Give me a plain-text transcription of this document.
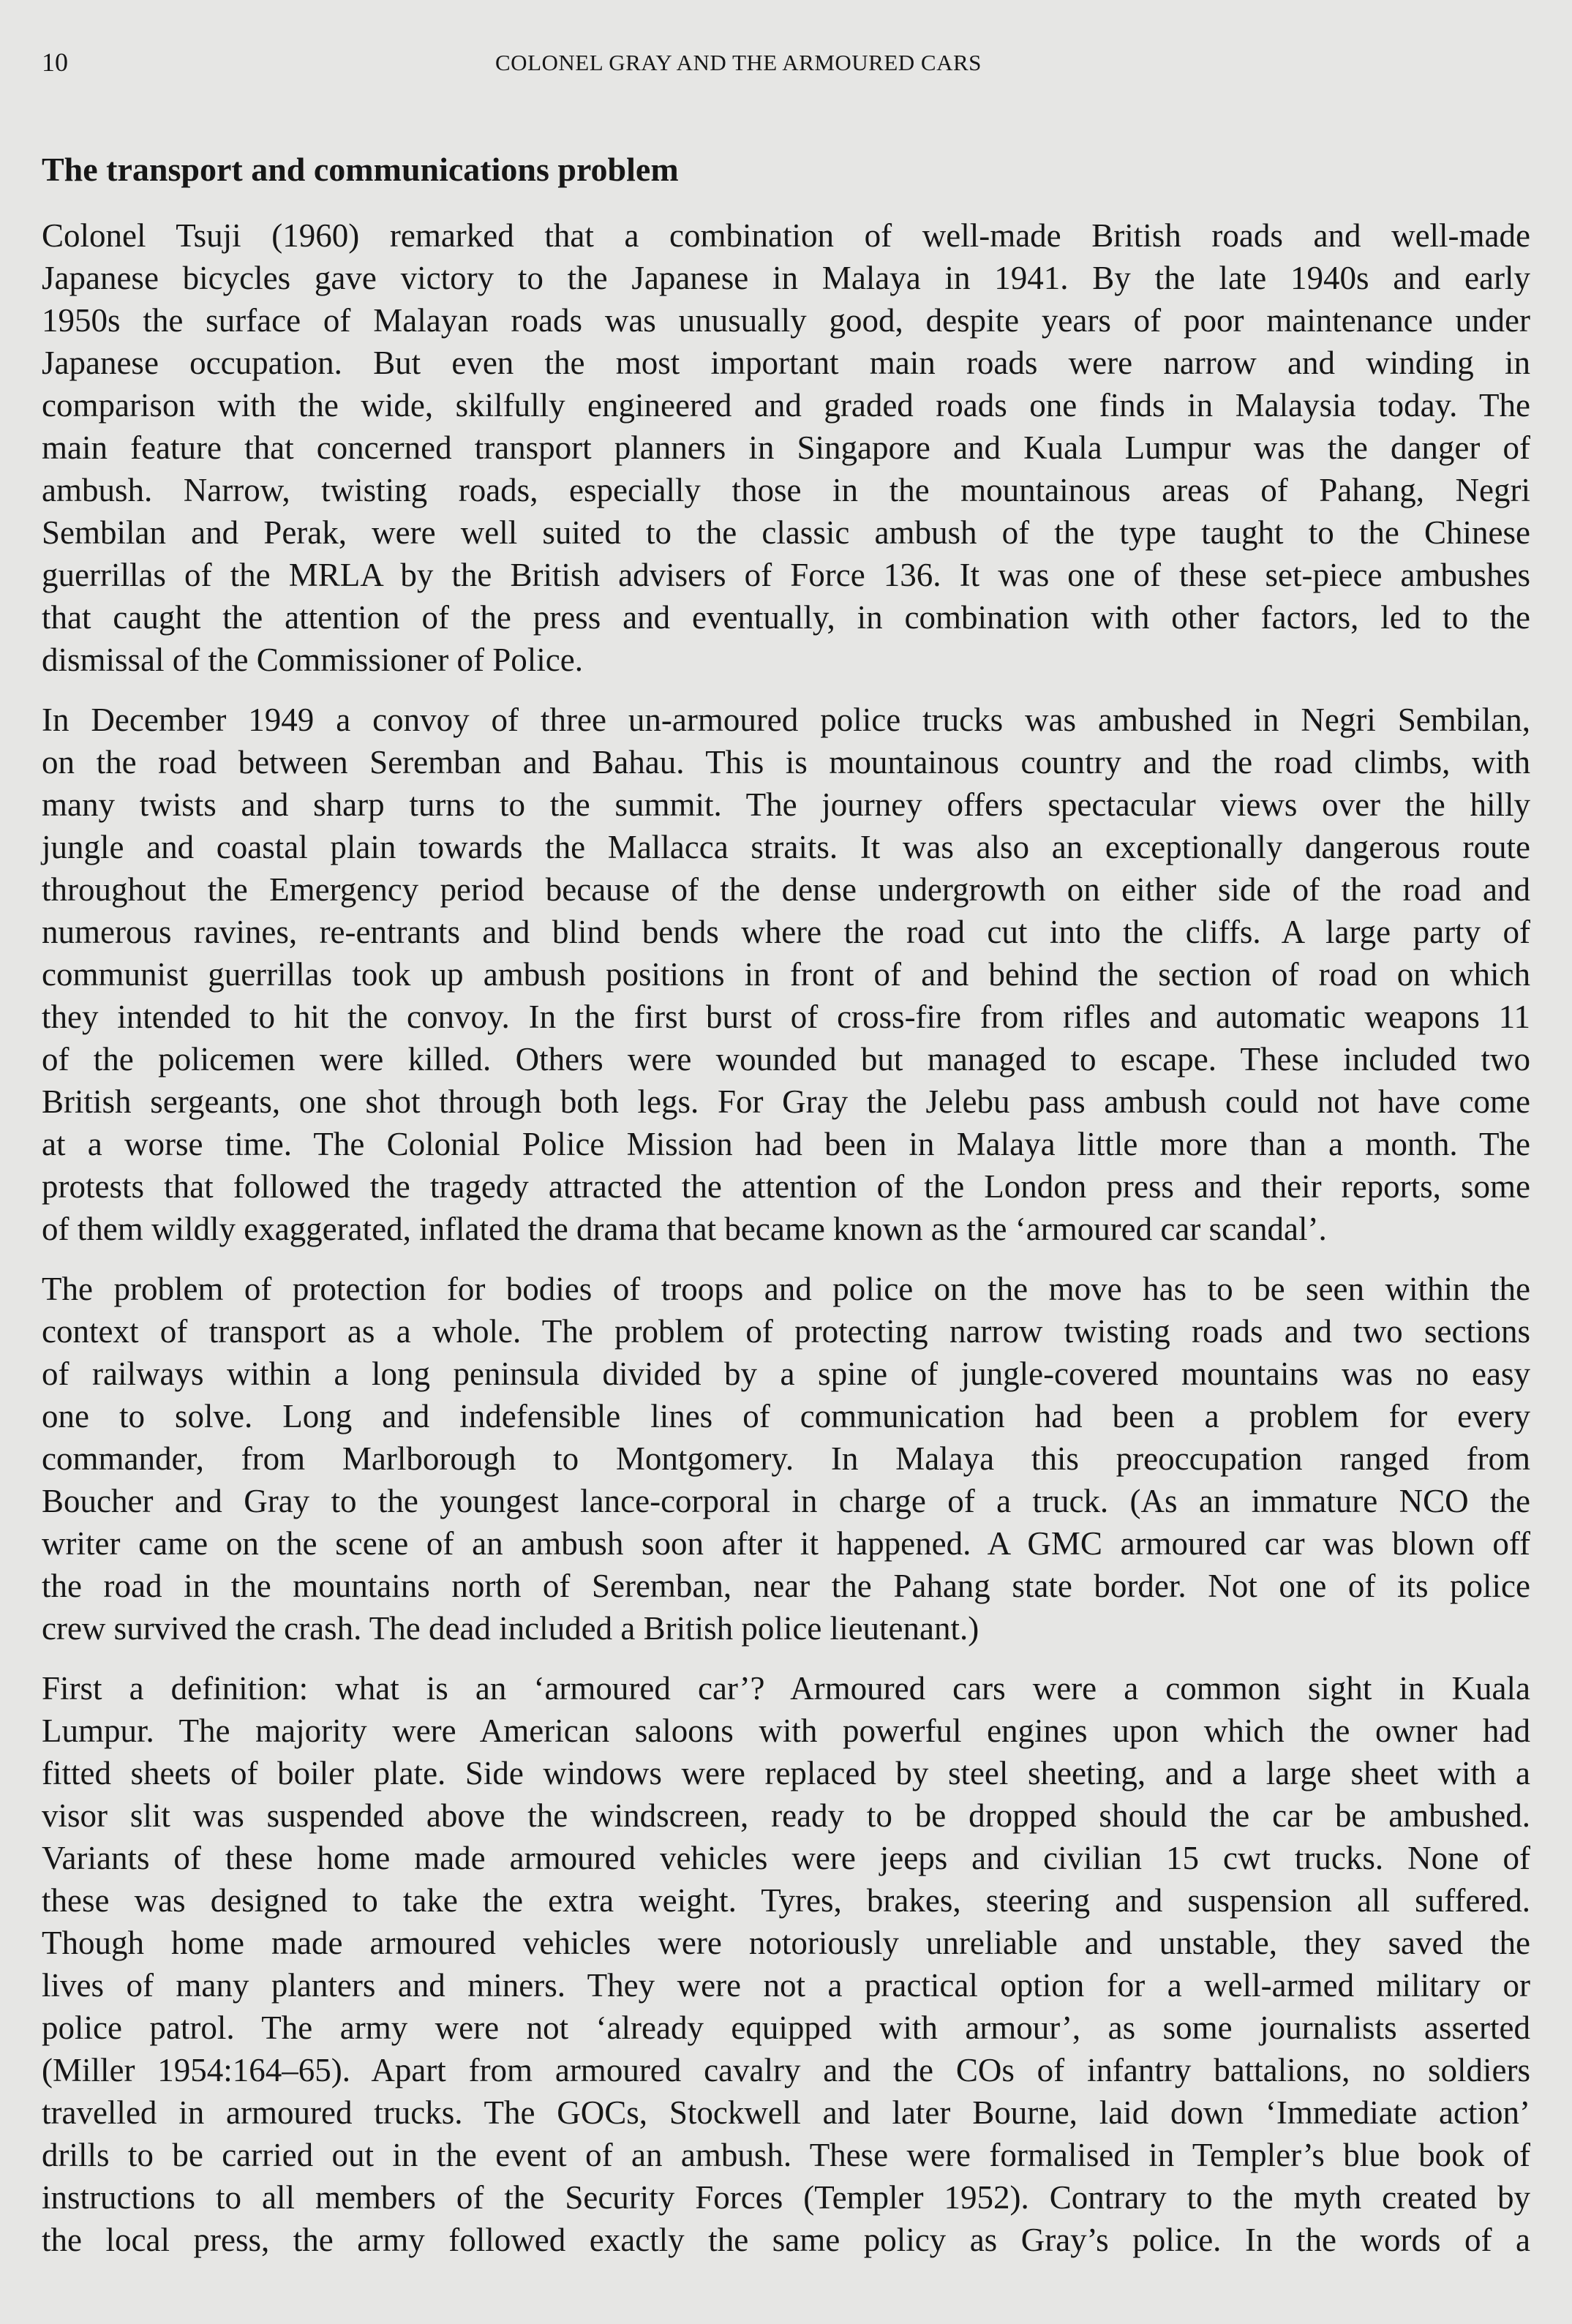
10	COLONEL GRAY AND THE ARMOURED CARS
The transport and communications problem
Colonel Tsuji (1960) remarked that a combination of well-made British roads and well-made
Japanese bicycles gave victory to the Japanese in Malaya in 1941. By the late 1940s and early
1950s the surface of Malayan roads was unusually good, despite years of poor maintenance under
Japanese occupation. But even the most important main roads were narrow and winding in
comparison with the wide, skilfully engineered and graded roads one finds in Malaysia today. The
main feature that concerned transport planners in Singapore and Kuala Lumpur was the danger of
ambush. Narrow, twisting roads, especially those in the mountainous areas of Pahang, Negri
Sembilan and Perak, were well suited to the classic ambush of the type taught to the Chinese
guerrillas of the MRLA by the British advisers of Force 136. It was one of these set-piece ambushes
that caught the attention of the press and eventually, in combination with other factors, led to the
dismissal of the Commissioner of Police.
In December 1949 a convoy of three un-armoured police trucks was ambushed in Negri Sembilan,
on the road between Seremban and Bahau. This is mountainous country and the road climbs, with
many twists and sharp turns to the summit. The journey offers spectacular views over the hilly
jungle and coastal plain towards the Mallacca straits. It was also an exceptionally dangerous route
throughout the Emergency period because of the dense undergrowth on either side of the road and
numerous ravines, re-entrants and blind bends where the road cut into the cliffs. A large party of
communist guerrillas took up ambush positions in front of and behind the section of road on which
they intended to hit the convoy. In the first burst of cross-fire from rifles and automatic weapons 11
of the policemen were killed. Others were wounded but managed to escape. These included two
British sergeants, one shot through both legs. For Gray the Jelebu pass ambush could not have come
at a worse time. The Colonial Police Mission had been in Malaya little more than a month. The
protests that followed the tragedy attracted the attention of the London press and their reports, some
of them wildly exaggerated, inflated the drama that became known as the ‘armoured car scandal’.
The problem of protection for bodies of troops and police on the move has to be seen within the
context of transport as a whole. The problem of protecting narrow twisting roads and two sections
of railways within a long peninsula divided by a spine of jungle-covered mountains was no easy
one to solve. Long and indefensible lines of communication had been a problem for every
commander, from Marlborough to Montgomery. In Malaya this preoccupation ranged from
Boucher and Gray to the youngest lance-corporal in charge of a truck. (As an immature NCO the
writer came on the scene of an ambush soon after it happened. A GMC armoured car was blown off
the road in the mountains north of Seremban, near the Pahang state border. Not one of its police
crew survived the crash. The dead included a British police lieutenant.)
First a definition: what is an ‘armoured car’? Armoured cars were a common sight in Kuala
Lumpur. The majority were American saloons with powerful engines upon which the owner had
fitted sheets of boiler plate. Side windows were replaced by steel sheeting, and a large sheet with a
visor slit was suspended above the windscreen, ready to be dropped should the car be ambushed.
Variants of these home made armoured vehicles were jeeps and civilian 15 cwt trucks. None of
these was designed to take the extra weight. Tyres, brakes, steering and suspension all suffered.
Though home made armoured vehicles were notoriously unreliable and unstable, they saved the
lives of many planters and miners. They were not a practical option for a well-armed military or
police patrol. The army were not ‘already equipped with armour’, as some journalists asserted
(Miller 1954:164–65). Apart from armoured cavalry and the COs of infantry battalions, no soldiers
travelled in armoured trucks. The GOCs, Stockwell and later Bourne, laid down ‘Immediate action’
drills to be carried out in the event of an ambush. These were formalised in Templer’s blue book of
instructions to all members of the Security Forces (Templer 1952). Contrary to the myth created by
the local press, the army followed exactly the same policy as Gray’s police. In the words of a
